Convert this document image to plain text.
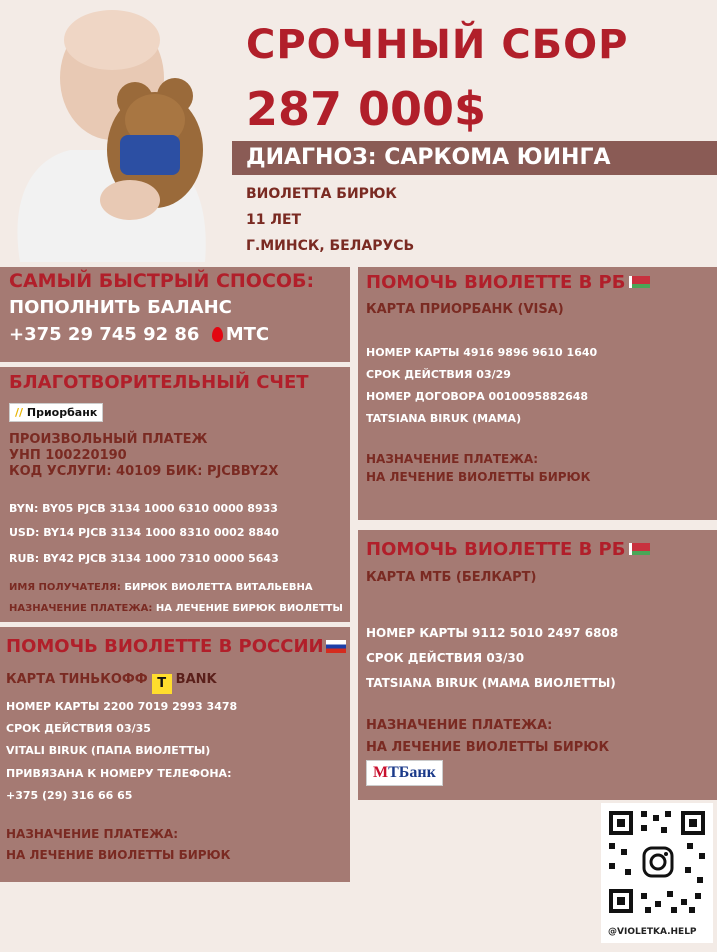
СРОЧНЫЙ СБОР
287 000$
ДИАГНОЗ: САРКОМА ЮИНГА
ВИОЛЕТТА БИРЮК
11 ЛЕТ
Г.МИНСК, БЕЛАРУСЬ
САМЫЙ БЫСТРЫЙ СПОСОБ:
ПОПОЛНИТЬ БАЛАНС
+375 29 745 92 86 МТС
БЛАГОТВОРИТЕЛЬНЫЙ СЧЕТ
// Приорбанк
ПРОИЗВОЛЬНЫЙ ПЛАТЕЖ
УНП 100220190
КОД УСЛУГИ: 40109 БИК: PJCBBY2X
BYN: BY05 PJCB 3134 1000 6310 0000 8933
USD: BY14 PJCB 3134 1000 8310 0002 8840
RUB: BY42 PJCB 3134 1000 7310 0000 5643
ИМЯ ПОЛУЧАТЕЛЯ: БИРЮК ВИОЛЕТТА ВИТАЛЬЕВНА
НАЗНАЧЕНИЕ ПЛАТЕЖА: НА ЛЕЧЕНИЕ БИРЮК ВИОЛЕТТЫ
ПОМОЧЬ ВИОЛЕТТЕ В РОССИИ
КАРТА ТИНЬКОФФ Т BANK
НОМЕР КАРТЫ 2200 7019 2993 3478
СРОК ДЕЙСТВИЯ 03/35
VITALI BIRUK (ПАПА ВИОЛЕТТЫ)
ПРИВЯЗАНА К НОМЕРУ ТЕЛЕФОНА:
+375 (29) 316 66 65
НАЗНАЧЕНИЕ ПЛАТЕЖА:
НА ЛЕЧЕНИЕ ВИОЛЕТТЫ БИРЮК
ПОМОЧЬ ВИОЛЕТТЕ В РБ
КАРТА ПРИОРБАНК (VISA)
НОМЕР КАРТЫ 4916 9896 9610 1640
СРОК ДЕЙСТВИЯ 03/29
НОМЕР ДОГОВОРА 0010095882648
TATSIANA BIRUK (МАМА)
НАЗНАЧЕНИЕ ПЛАТЕЖА:
НА ЛЕЧЕНИЕ ВИОЛЕТТЫ БИРЮК
ПОМОЧЬ ВИОЛЕТТЕ В РБ
КАРТА МТБ (БЕЛКАРТ)
НОМЕР КАРТЫ 9112 5010 2497 6808
СРОК ДЕЙСТВИЯ 03/30
TATSIANA BIRUK (МАМА ВИОЛЕТТЫ)
НАЗНАЧЕНИЕ ПЛАТЕЖА:
НА ЛЕЧЕНИЕ ВИОЛЕТТЫ БИРЮК
MTБанк
@VIOLETKA.HELP
